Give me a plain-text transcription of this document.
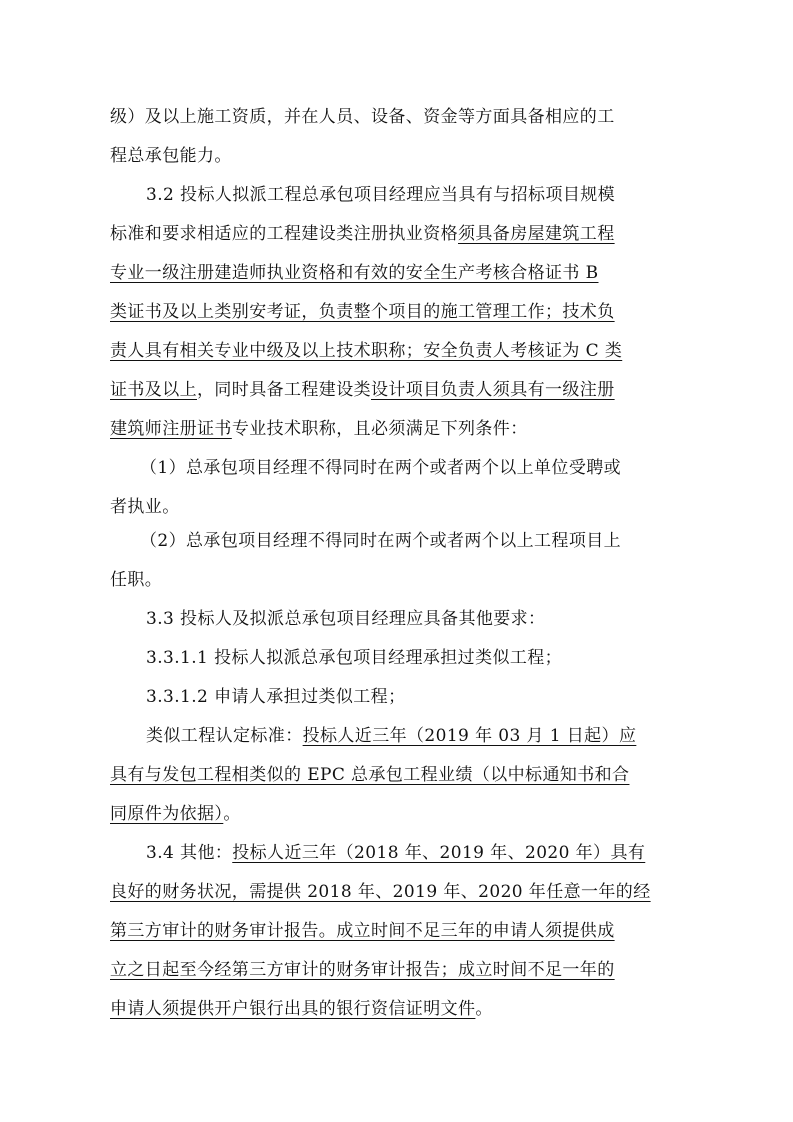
级）及以上施工资质，并在人员、设备、资金等方面具备相应的工
程总承包能力。
3.2 投标人拟派工程总承包项目经理应当具有与招标项目规模
标准和要求相适应的工程建设类注册执业资格须具备房屋建筑工程
专业一级注册建造师执业资格和有效的安全生产考核合格证书 B
类证书及以上类别安考证，负责整个项目的施工管理工作；技术负
责人具有相关专业中级及以上技术职称；安全负责人考核证为 C 类
证书及以上，同时具备工程建设类设计项目负责人须具有一级注册
建筑师注册证书专业技术职称，且必须满足下列条件：
（1）总承包项目经理不得同时在两个或者两个以上单位受聘或
者执业。
（2）总承包项目经理不得同时在两个或者两个以上工程项目上
任职。
3.3 投标人及拟派总承包项目经理应具备其他要求：
3.3.1.1 投标人拟派总承包项目经理承担过类似工程；
3.3.1.2 申请人承担过类似工程；
类似工程认定标准：投标人近三年（2019 年 03 月 1 日起）应
具有与发包工程相类似的 EPC 总承包工程业绩（以中标通知书和合
同原件为依据）。
3.4 其他：投标人近三年（2018 年、2019 年、2020 年）具有
良好的财务状况，需提供 2018 年、2019 年、2020 年任意一年的经
第三方审计的财务审计报告。成立时间不足三年的申请人须提供成
立之日起至今经第三方审计的财务审计报告；成立时间不足一年的
申请人须提供开户银行出具的银行资信证明文件。
